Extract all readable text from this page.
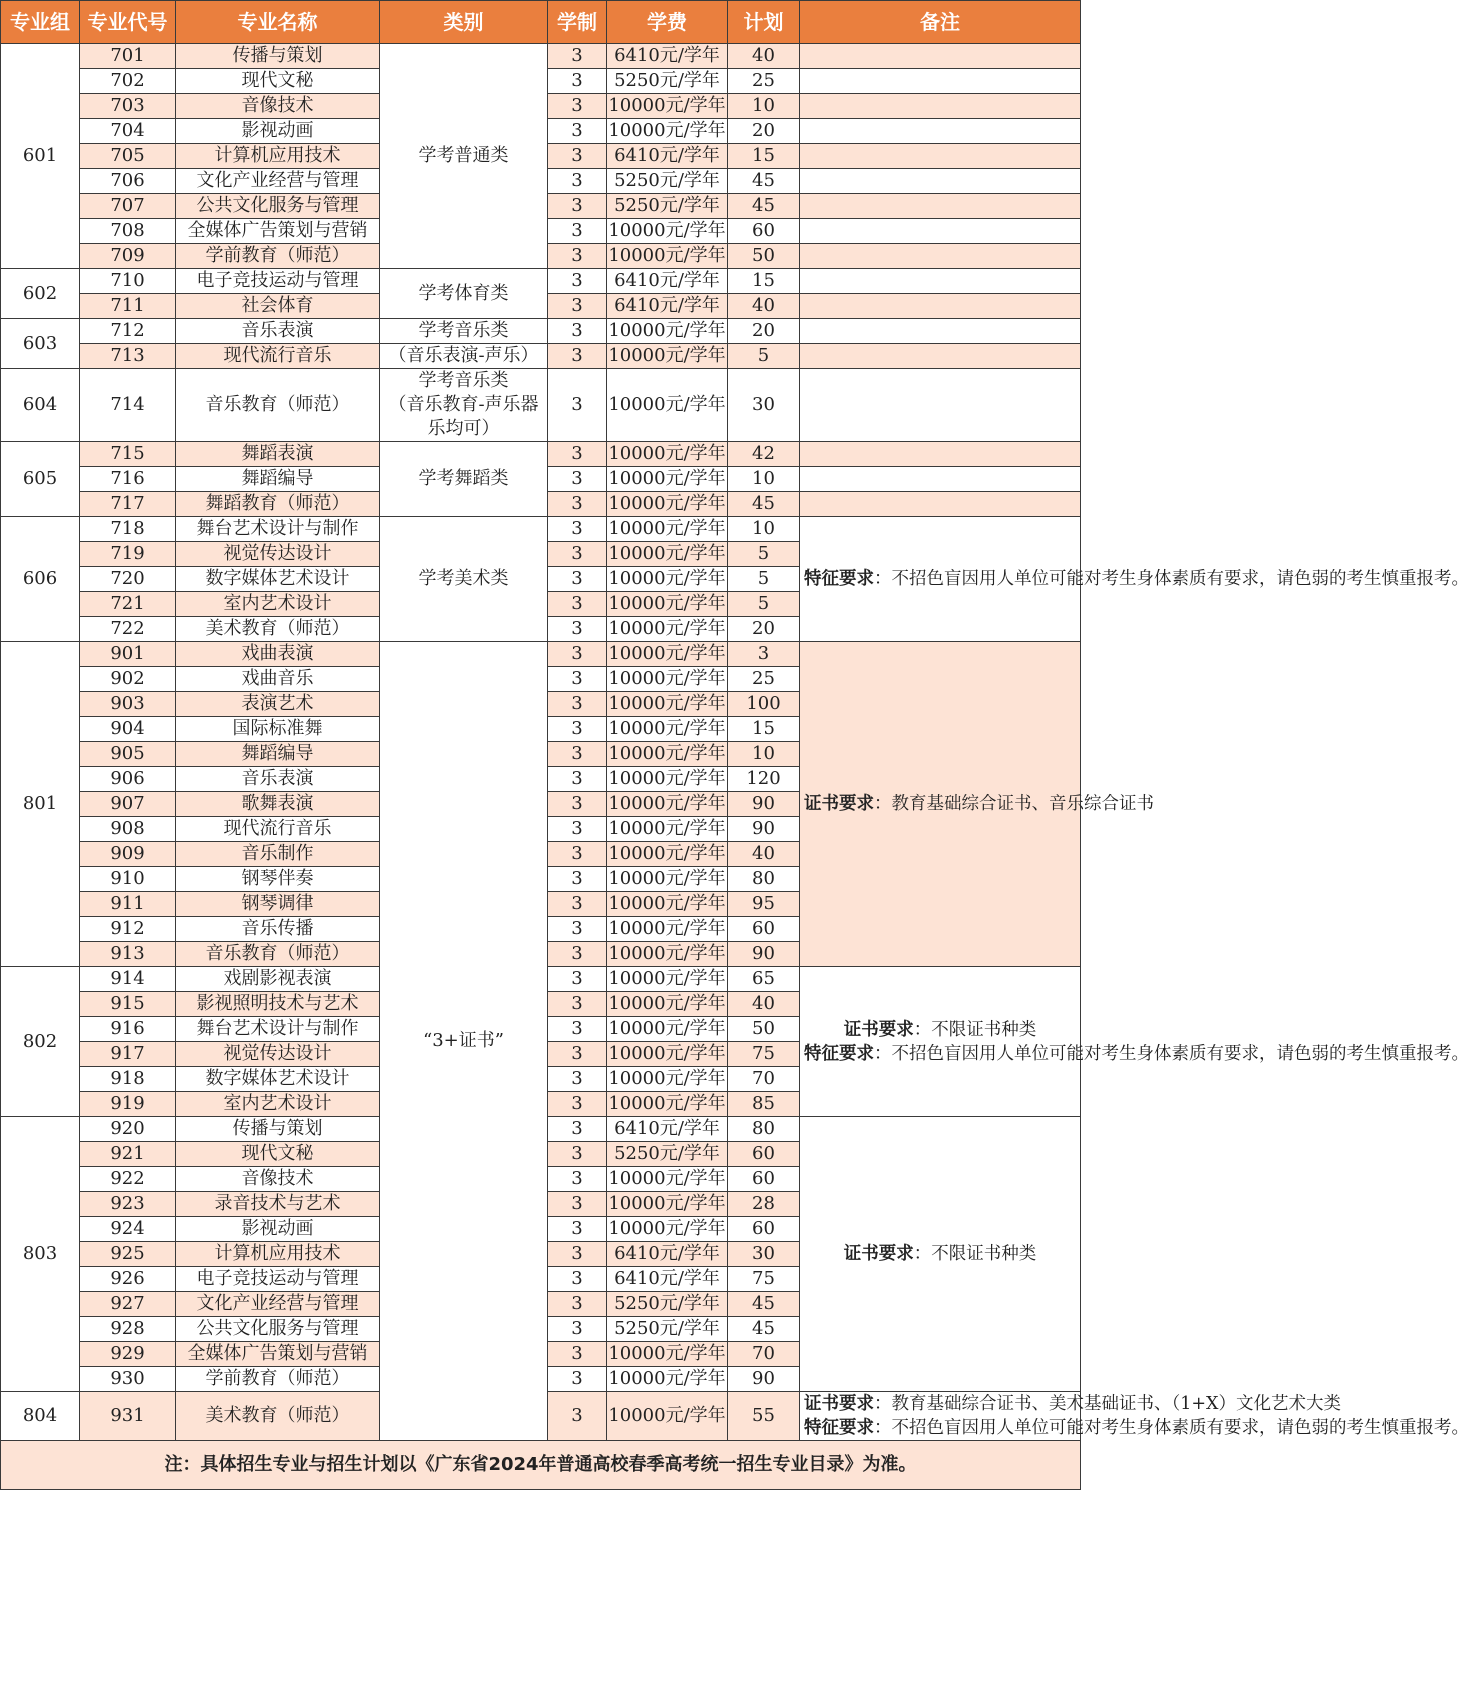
专业组	专业代号	专业名称	类别	学制	学费	计划	备注
601	701	传播与策划	学考普通类	3	6410元/学年	40	
	702	现代文秘		3	5250元/学年	25	
	703	音像技术		3	10000元/学年	10	
	704	影视动画		3	10000元/学年	20	
	705	计算机应用技术		3	6410元/学年	15	
	706	文化产业经营与管理		3	5250元/学年	45	
	707	公共文化服务与管理		3	5250元/学年	45	
	708	全媒体广告策划与营销		3	10000元/学年	60	
	709	学前教育（师范）		3	10000元/学年	50	
602	710	电子竞技运动与管理	学考体育类	3	6410元/学年	15	
	711	社会体育		3	6410元/学年	40	
603	712	音乐表演	学考音乐类	3	10000元/学年	20	
	713	现代流行音乐	（音乐表演-声乐）	3	10000元/学年	5	
604	714	音乐教育（师范）	学考音乐类
（音乐教育-声乐器
乐均可）	3	10000元/学年	30	
605	715	舞蹈表演	学考舞蹈类	3	10000元/学年	42	
	716	舞蹈编导		3	10000元/学年	10	
	717	舞蹈教育（师范）		3	10000元/学年	45	
606	718	舞台艺术设计与制作	学考美术类	3	10000元/学年	10	特征要求：不招色盲因用人单位可能对考生身体素质有要求，请色弱的考生慎重报考。
	719	视觉传达设计		3	10000元/学年	5	
	720	数字媒体艺术设计		3	10000元/学年	5	
	721	室内艺术设计		3	10000元/学年	5	
	722	美术教育（师范）		3	10000元/学年	20	
801	901	戏曲表演	“3+证书”	3	10000元/学年	3	证书要求：教育基础综合证书、音乐综合证书
	902	戏曲音乐		3	10000元/学年	25	
	903	表演艺术		3	10000元/学年	100	
	904	国际标准舞		3	10000元/学年	15	
	905	舞蹈编导		3	10000元/学年	10	
	906	音乐表演		3	10000元/学年	120	
	907	歌舞表演		3	10000元/学年	90	
	908	现代流行音乐		3	10000元/学年	90	
	909	音乐制作		3	10000元/学年	40	
	910	钢琴伴奏		3	10000元/学年	80	
	911	钢琴调律		3	10000元/学年	95	
	912	音乐传播		3	10000元/学年	60	
	913	音乐教育（师范）		3	10000元/学年	90	
802	914	戏剧影视表演		3	10000元/学年	65	证书要求：不限证书种类
特征要求：不招色盲因用人单位可能对考生身体素质有要求，请色弱的考生慎重报考。
	915	影视照明技术与艺术		3	10000元/学年	40	
	916	舞台艺术设计与制作		3	10000元/学年	50	
	917	视觉传达设计		3	10000元/学年	75	
	918	数字媒体艺术设计		3	10000元/学年	70	
	919	室内艺术设计		3	10000元/学年	85	
803	920	传播与策划		3	6410元/学年	80	证书要求：不限证书种类
	921	现代文秘		3	5250元/学年	60	
	922	音像技术		3	10000元/学年	60	
	923	录音技术与艺术		3	10000元/学年	28	
	924	影视动画		3	10000元/学年	60	
	925	计算机应用技术		3	6410元/学年	30	
	926	电子竞技运动与管理		3	6410元/学年	75	
	927	文化产业经营与管理		3	5250元/学年	45	
	928	公共文化服务与管理		3	5250元/学年	45	
	929	全媒体广告策划与营销		3	10000元/学年	70	
	930	学前教育（师范）		3	10000元/学年	90	
804	931	美术教育（师范）		3	10000元/学年	55	证书要求：教育基础综合证书、美术基础证书、（1+X）文化艺术大类
特征要求：不招色盲因用人单位可能对考生身体素质有要求，请色弱的考生慎重报考。
注：具体招生专业与招生计划以《广东省2024年普通高校春季高考统一招生专业目录》为准。							
